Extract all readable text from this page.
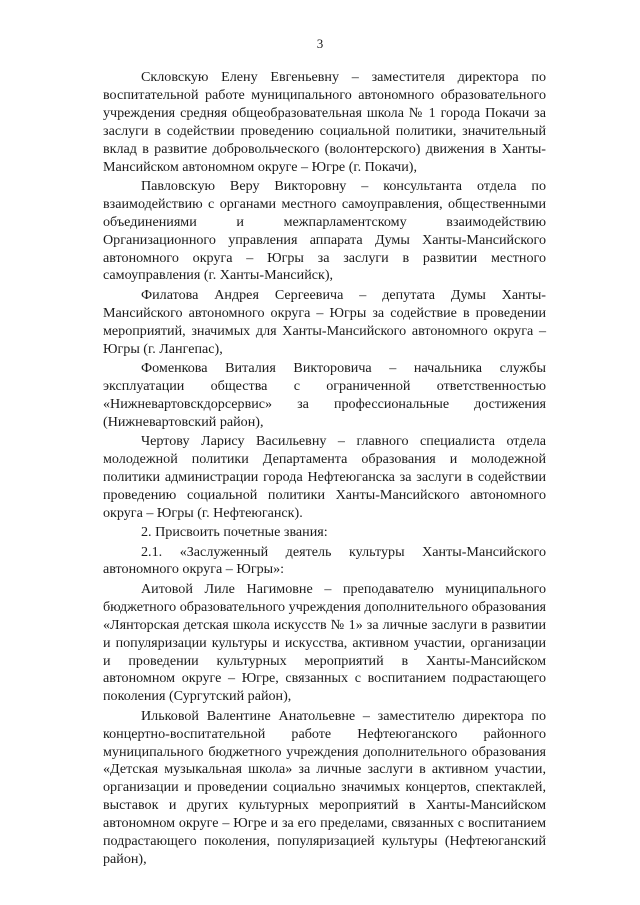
3

Скловскую Елену Евгеньевну – заместителя директора по воспитательной работе муниципального автономного образовательного учреждения средняя общеобразовательная школа № 1 города Покачи за заслуги в содействии проведению социальной политики, значительный вклад в развитие добровольческого (волонтерского) движения в Ханты-Мансийском автономном округе – Югре (г. Покачи),

Павловскую Веру Викторовну – консультанта отдела по взаимодействию с органами местного самоуправления, общественными объединениями и межпарламентскому взаимодействию Организационного управления аппарата Думы Ханты-Мансийского автономного округа – Югры за заслуги в развитии местного самоуправления (г. Ханты-Мансийск),

Филатова Андрея Сергеевича – депутата Думы Ханты-Мансийского автономного округа – Югры за содействие в проведении мероприятий, значимых для Ханты-Мансийского автономного округа – Югры (г. Лангепас),

Фоменкова Виталия Викторовича – начальника службы эксплуатации общества с ограниченной ответственностью «Нижневартовскдорсервис» за профессиональные достижения (Нижневартовский район),

Чертову Ларису Васильевну – главного специалиста отдела молодежной политики Департамента образования и молодежной политики администрации города Нефтеюганска за заслуги в содействии проведению социальной политики Ханты-Мансийского автономного округа – Югры (г. Нефтеюганск).

2. Присвоить почетные звания:

2.1. «Заслуженный деятель культуры Ханты-Мансийского автономного округа – Югры»:

Аитовой Лиле Нагимовне – преподавателю муниципального бюджетного образовательного учреждения дополнительного образования «Лянторская детская школа искусств № 1» за личные заслуги в развитии и популяризации культуры и искусства, активном участии, организации и проведении культурных мероприятий в Ханты-Мансийском автономном округе – Югре, связанных с воспитанием подрастающего поколения (Сургутский район),

Ильковой Валентине Анатольевне – заместителю директора по концертно-воспитательной работе Нефтеюганского районного муниципального бюджетного учреждения дополнительного образования «Детская музыкальная школа» за личные заслуги в активном участии, организации и проведении социально значимых концертов, спектаклей, выставок и других культурных мероприятий в Ханты-Мансийском автономном округе – Югре и за его пределами, связанных с воспитанием подрастающего поколения, популяризацией культуры (Нефтеюганский район),
